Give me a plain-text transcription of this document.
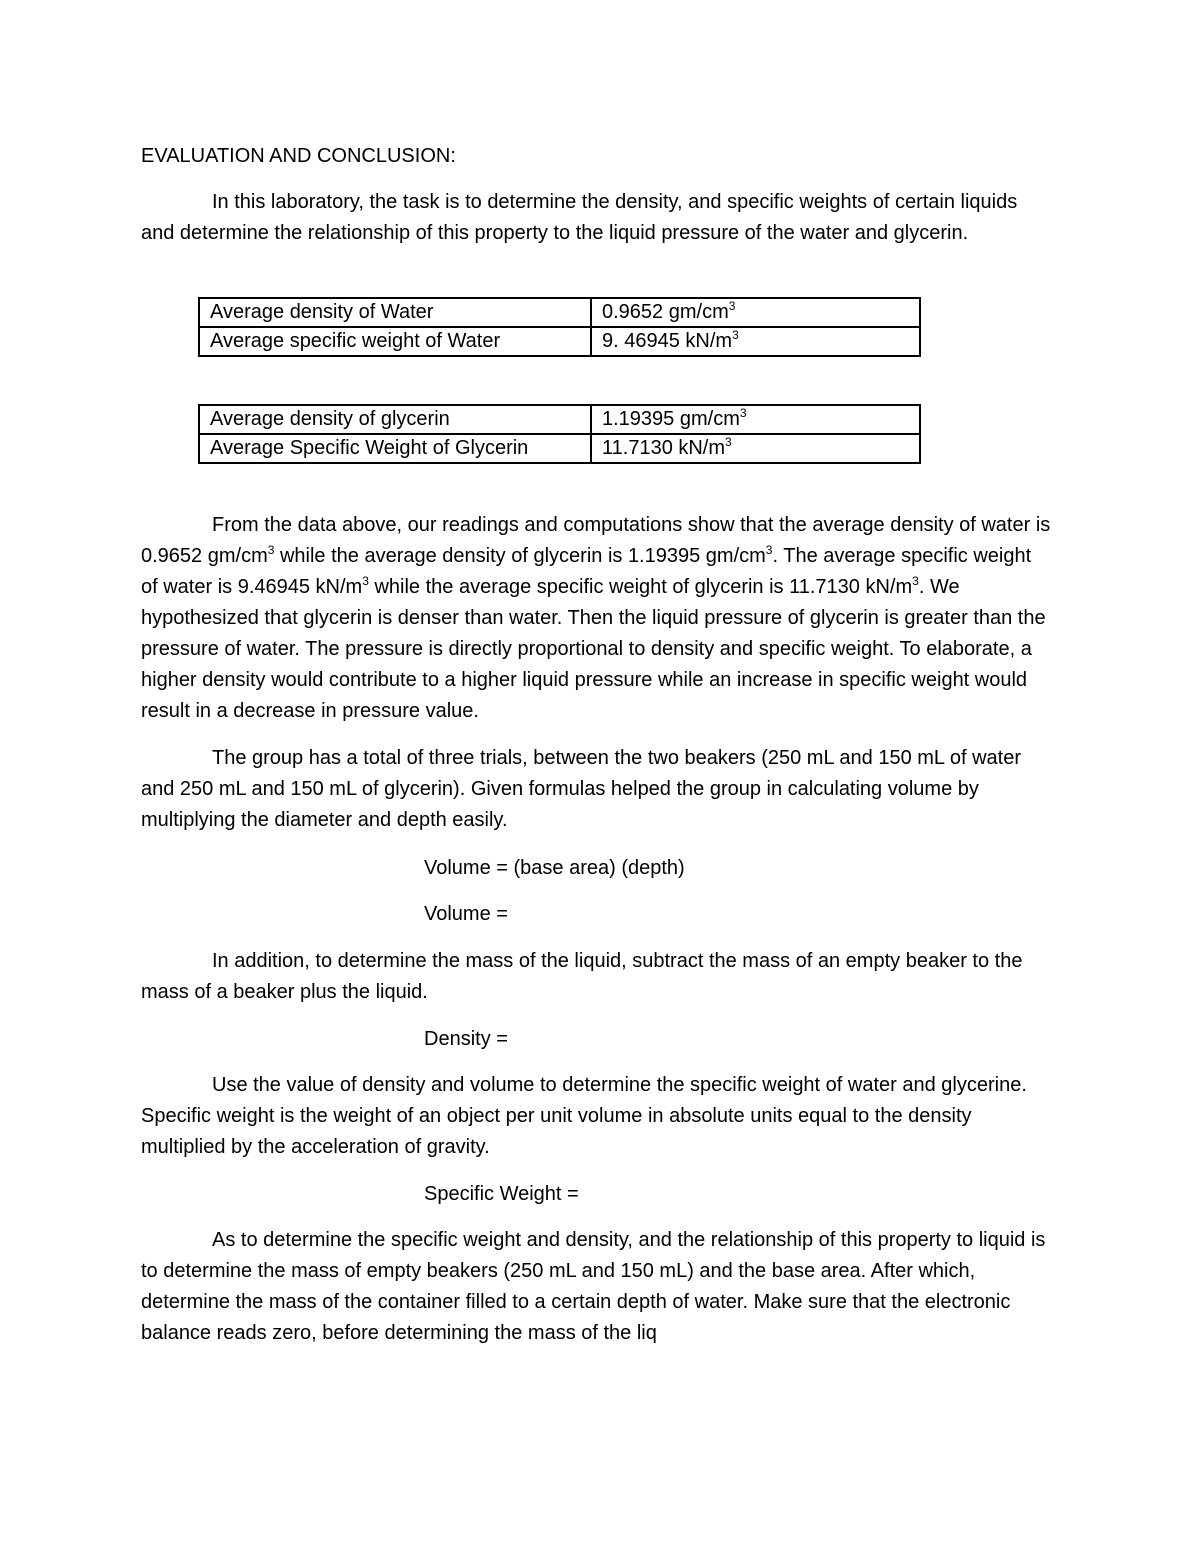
EVALUATION AND CONCLUSION:

In this laboratory, the task is to determine the density, and specific weights of certain liquids and determine the relationship of this property to the liquid pressure of the water and glycerin.

Average density of Water	0.9652 $gm/cm^3$
Average specific weight of Water	9. 46945 $kN/m^3$
Average density of glycerin	1.19395 $gm/cm^3$
Average Specific Weight of Glycerin	11.7130 $kN/m^3$

From the data above, our readings and computations show that the average density of water is 0.9652 $gm/cm^3$ while the average density of glycerin is 1.19395 $gm/cm^3$. The average specific weight of water is 9.46945 $kN/m^3$ while the average specific weight of glycerin is 11.7130 $kN/m^3$. We hypothesized that glycerin is denser than water. Then the liquid pressure of glycerin is greater than the pressure of water. The pressure is directly proportional to density and specific weight. To elaborate, a higher density would contribute to a higher liquid pressure while an increase in specific weight would result in a decrease in pressure value.

The group has a total of three trials, between the two beakers (250 mL and 150 mL of water and 250 mL and 150 mL of glycerin). Given formulas helped the group in calculating volume by multiplying the diameter and depth easily.

Volume = (base area) (depth)
Volume =

In addition, to determine the mass of the liquid, subtract the mass of an empty beaker to the mass of a beaker plus the liquid.

Density =

Use the value of density and volume to determine the specific weight of water and glycerine. Specific weight is the weight of an object per unit volume in absolute units equal to the density multiplied by the acceleration of gravity.

Specific Weight =

As to determine the specific weight and density, and the relationship of this property to liquid is to determine the mass of empty beakers (250 mL and 150 mL) and the base area. After which, determine the mass of the container filled to a certain depth of water. Make sure that the electronic balance reads zero, before determining the mass of the liq
